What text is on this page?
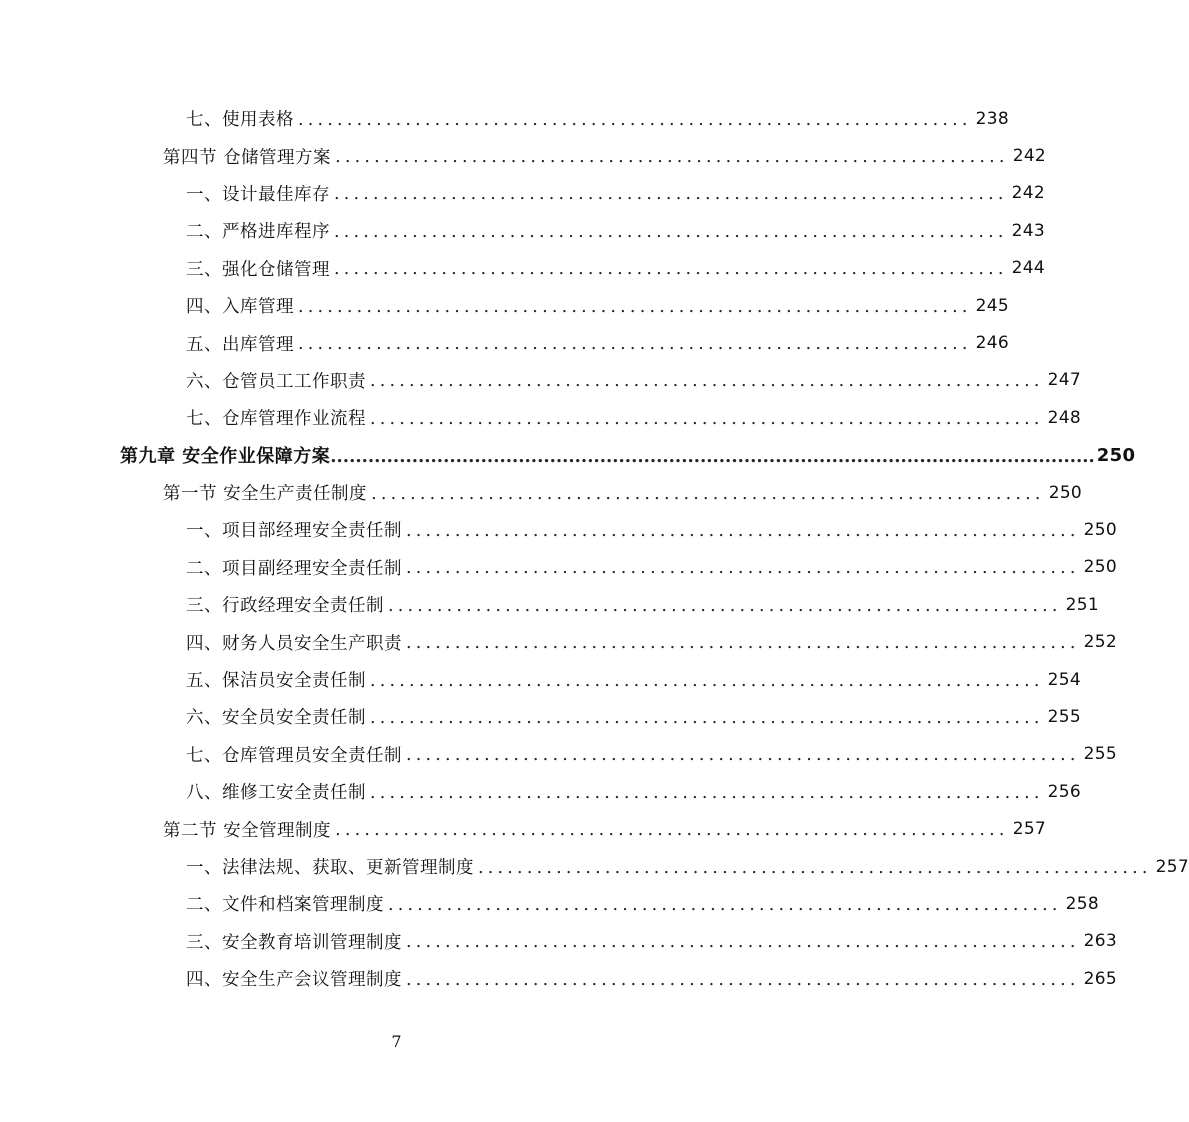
七、使用表格 ..................................................................... 238
第四节 仓储管理方案 ..................................................................... 242
一、设计最佳库存 ..................................................................... 242
二、严格进库程序 ..................................................................... 243
三、强化仓储管理 ..................................................................... 244
四、入库管理 ..................................................................... 245
五、出库管理 ..................................................................... 246
六、仓管员工工作职责 ..................................................................... 247
七、仓库管理作业流程 ..................................................................... 248
第九章 安全作业保障方案 .......................................................................................................................... 250
第一节 安全生产责任制度 ..................................................................... 250
一、项目部经理安全责任制 ..................................................................... 250
二、项目副经理安全责任制 ..................................................................... 250
三、行政经理安全责任制 ..................................................................... 251
四、财务人员安全生产职责 ..................................................................... 252
五、保洁员安全责任制 ..................................................................... 254
六、安全员安全责任制 ..................................................................... 255
七、仓库管理员安全责任制 ..................................................................... 255
八、维修工安全责任制 ..................................................................... 256
第二节 安全管理制度 ..................................................................... 257
一、法律法规、获取、更新管理制度 ..................................................................... 257
二、文件和档案管理制度 ..................................................................... 258
三、安全教育培训管理制度 ..................................................................... 263
四、安全生产会议管理制度 ..................................................................... 265
7
